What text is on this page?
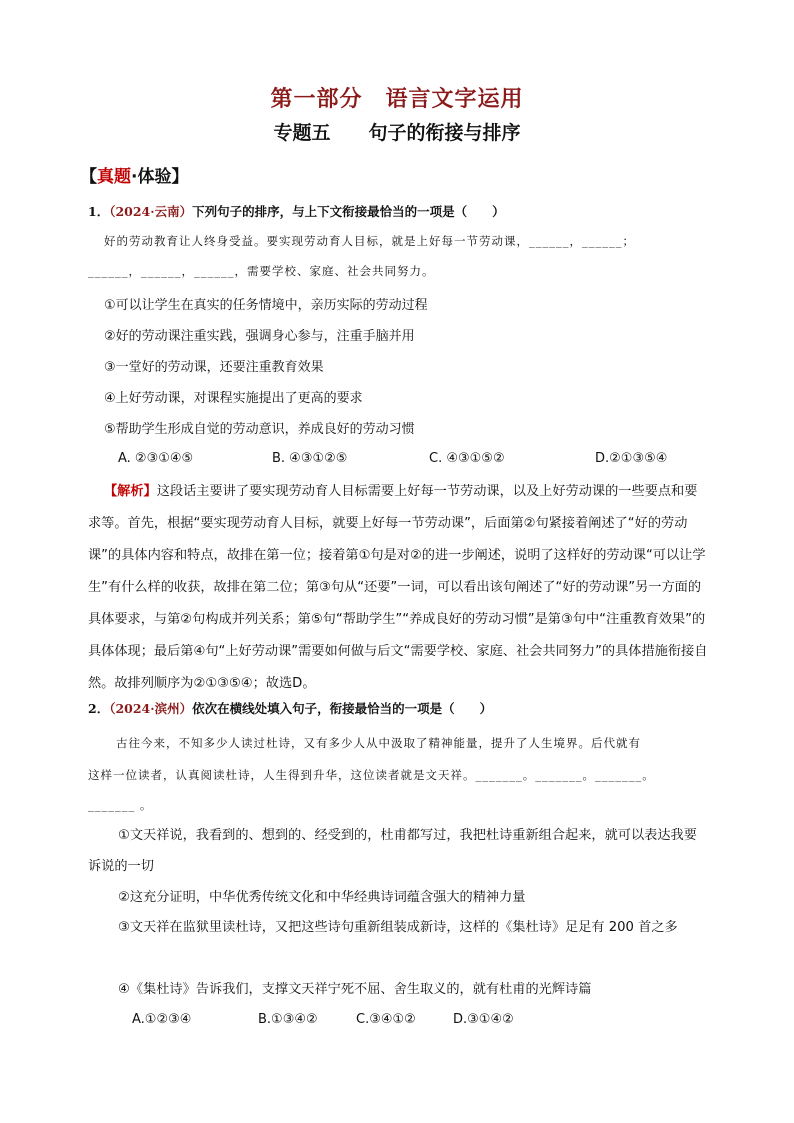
第一部分　语言文字运用
专题五　　句子的衔接与排序
【真题·体验】
1．（2024·云南）下列句子的排序，与上下文衔接最恰当的一项是（　　）
好的劳动教育让人终身受益。要实现劳动育人目标，就是上好每一节劳动课，______，______；
______，______，______，需要学校、家庭、社会共同努力。
①可以让学生在真实的任务情境中，亲历实际的劳动过程
②好的劳动课注重实践，强调身心参与，注重手脑并用
③一堂好的劳动课，还要注重教育效果
④上好劳动课，对课程实施提出了更高的要求
⑤帮助学生形成自觉的劳动意识，养成良好的劳动习惯
A. ②③①④⑤	B. ④③①②⑤	C. ④③①⑤②	D.②①③⑤④
【解析】这段话主要讲了要实现劳动育人目标需要上好每一节劳动课，以及上好劳动课的一些要点和要求等。首先，根据“要实现劳动育人目标，就要上好每一节劳动课”，后面第②句紧接着阐述了“好的劳动课”的具体内容和特点，故排在第一位；接着第①句是对②的进一步阐述，说明了这样好的劳动课“可以让学生”有什么样的收获，故排在第二位；第③句从“还要”一词，可以看出该句阐述了“好的劳动课”另一方面的具体要求，与第②句构成并列关系；第⑤句“帮助学生”“养成良好的劳动习惯”是第③句中“注重教育效果”的具体体现；最后第④句“上好劳动课”需要如何做与后文“需要学校、家庭、社会共同努力”的具体措施衔接自然。故排列顺序为②①③⑤④；故选D。
2．（2024·滨州）依次在横线处填入句子，衔接最恰当的一项是（　　）
古往今来，不知多少人读过杜诗，又有多少人从中汲取了精神能量，提升了人生境界。后代就有
这样一位读者，认真阅读杜诗，人生得到升华，这位读者就是文天祥。_______。_______。_______。
_______ 。
①文天祥说，我看到的、想到的、经受到的，杜甫都写过，我把杜诗重新组合起来，就可以表达我要诉说的一切
②这充分证明，中华优秀传统文化和中华经典诗词蕴含强大的精神力量
③文天祥在监狱里读杜诗，又把这些诗句重新组装成新诗，这样的《集杜诗》足足有 200 首之多
④《集杜诗》告诉我们，支撑文天祥宁死不屈、舍生取义的，就有杜甫的光辉诗篇
A.①②③④	B.①③④②	C.③④①②	D.③①④②
